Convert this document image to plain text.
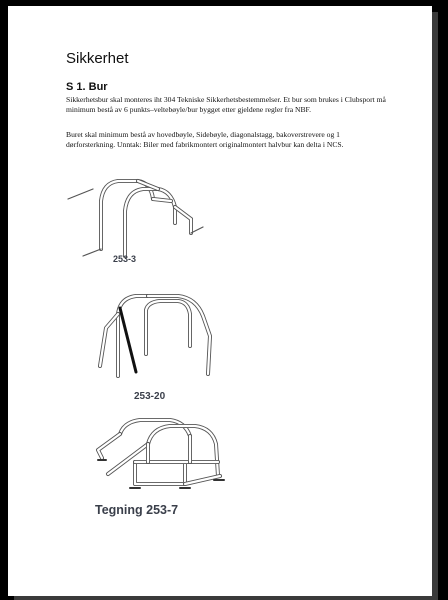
Sikkerhet
S 1. Bur

Sikkerhetsbur skal monteres iht 304 Tekniske Sikkerhetsbestemmelser. Et bur som brukes i Clubsport må minimum bestå av 6 punkts–veltebøyle/bur bygget etter gjeldene regler fra NBF.

Buret skal minimum bestå av hovedbøyle, Sidebøyle, diagonalstagg, bakoverstrevere og 1 dørforsterkning. Unntak: Biler med fabrikmontert originalmontert halvbur kan delta i NCS.

253-3
253-20
Tegning 253-7
